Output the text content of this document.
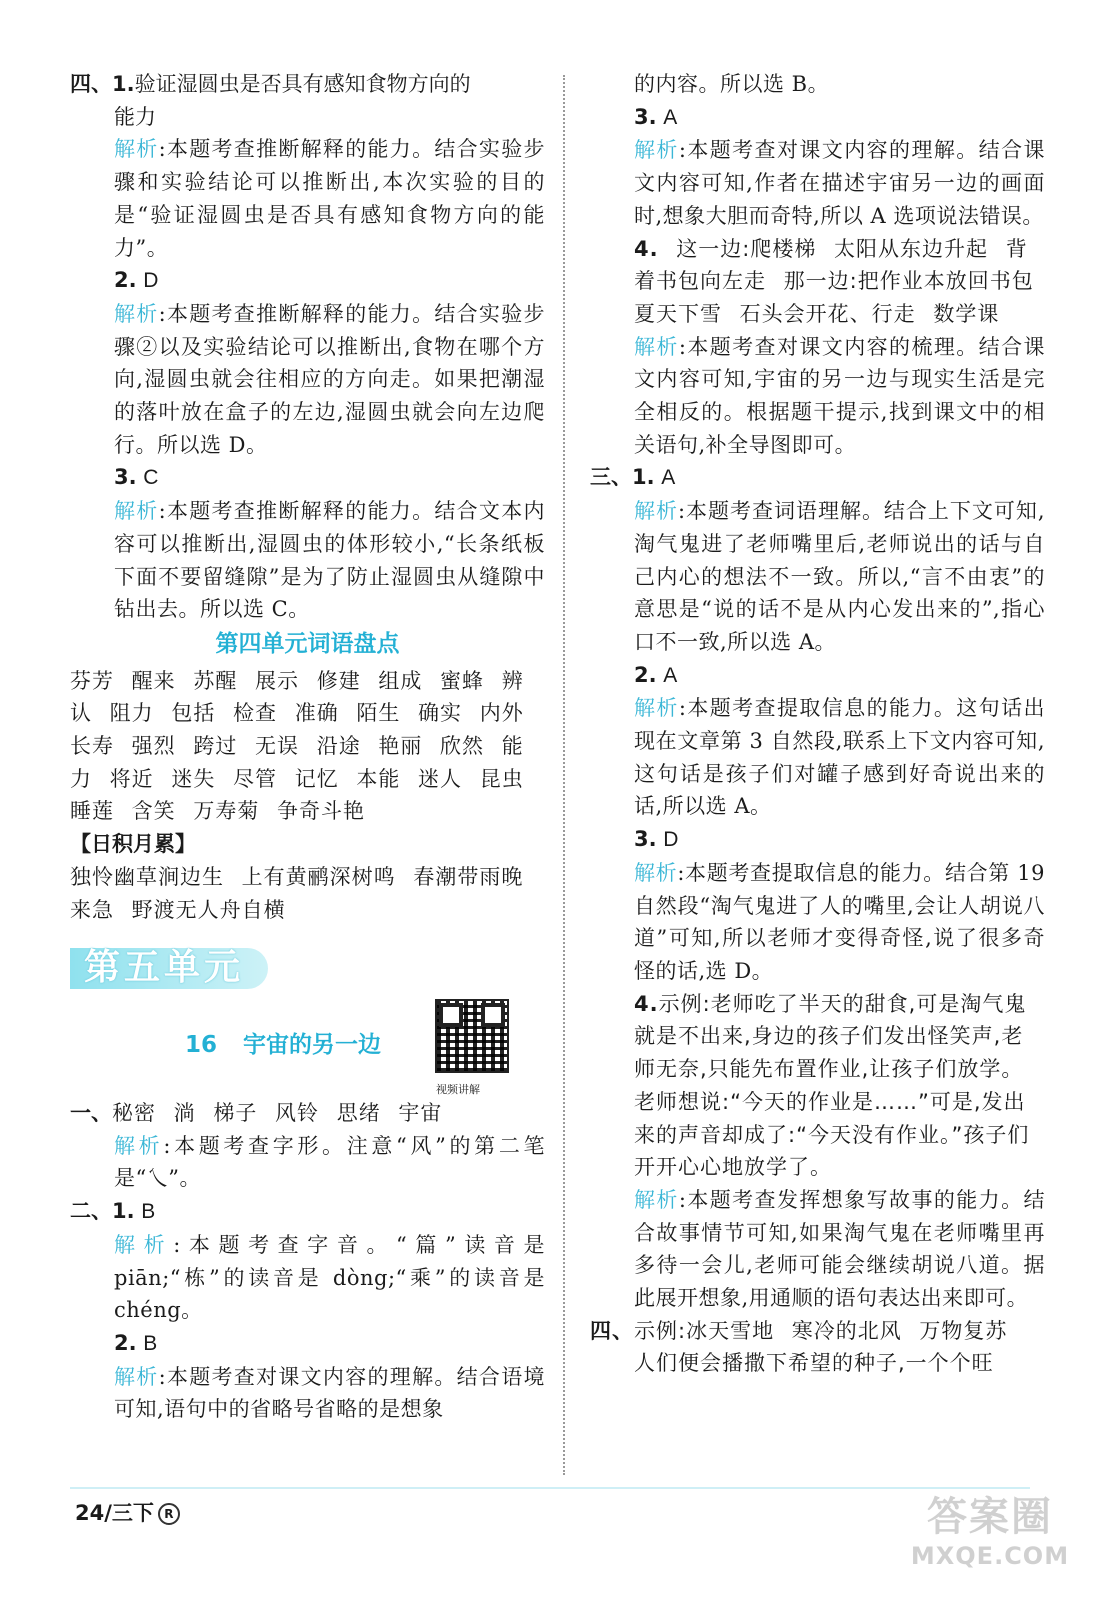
四、1.验证湿圆虫是否具有感知食物方向的
能力

解析:本题考查推断解释的能力。结合实验步骤和实验结论可以推断出,本次实验的目的是“验证湿圆虫是否具有感知食物方向的能力”。

2. D

解析:本题考查推断解释的能力。结合实验步骤②以及实验结论可以推断出,食物在哪个方向,湿圆虫就会往相应的方向走。如果把潮湿的落叶放在盒子的左边,湿圆虫就会向左边爬行。所以选 D。

3. C

解析:本题考查推断解释的能力。结合文本内容可以推断出,湿圆虫的体形较小,“长条纸板下面不要留缝隙”是为了防止湿圆虫从缝隙中钻出去。所以选 C。

第四单元词语盘点
芬芳 醒来 苏醒 展示 修建 组成 蜜蜂 辨认 阻力 包括 检查 准确 陌生 确实 内外 长寿 强烈 跨过 无误 沿途 艳丽 欣然 能力 将近 迷失 尽管 记忆 本能 迷人 昆虫 睡莲 含笑 万寿菊 争奇斗艳
【日积月累】
独怜幽草涧边生 上有黄鹂深树鸣 春潮带雨晚来急 野渡无人舟自横
第五单元
16 宇宙的另一边
视频讲解

一、秘密 淌 梯子 风铃 思绪 宇宙

解析:本题考查字形。注意“风”的第二笔是“乀”。

二、1. B

解析:本题考查字音。“篇”读音是 piān;“栋”的读音是 dòng;“乘”的读音是 chéng。

2. B

解析:本题考查对课文内容的理解。结合语境可知,语句中的省略号省略的是想象

的内容。所以选 B。

3. A

解析:本题考查对课文内容的理解。结合课文内容可知,作者在描述宇宙另一边的画面时,想象大胆而奇特,所以 A 选项说法错误。

4. 这一边:爬楼梯 太阳从东边升起 背着书包向左走 那一边:把作业本放回书包 夏天下雪 石头会开花、行走 数学课

解析:本题考查对课文内容的梳理。结合课文内容可知,宇宙的另一边与现实生活是完全相反的。根据题干提示,找到课文中的相关语句,补全导图即可。

三、1. A

解析:本题考查词语理解。结合上下文可知,淘气鬼进了老师嘴里后,老师说出的话与自己内心的想法不一致。所以,“言不由衷”的意思是“说的话不是从内心发出来的”,指心口不一致,所以选 A。

2. A

解析:本题考查提取信息的能力。这句话出现在文章第 3 自然段,联系上下文内容可知,这句话是孩子们对罐子感到好奇说出来的话,所以选 A。

3. D

解析:本题考查提取信息的能力。结合第 19 自然段“淘气鬼进了人的嘴里,会让人胡说八道”可知,所以老师才变得奇怪,说了很多奇怪的话,选 D。

4.示例:老师吃了半天的甜食,可是淘气鬼就是不出来,身边的孩子们发出怪笑声,老师无奈,只能先布置作业,让孩子们放学。老师想说:“今天的作业是……”可是,发出来的声音却成了:“今天没有作业。”孩子们开开心心地放学了。

解析:本题考查发挥想象写故事的能力。结合故事情节可知,如果淘气鬼在老师嘴里再多待一会儿,老师可能会继续胡说八道。据此展开想象,用通顺的语句表达出来即可。

四、示例:冰天雪地 寒冷的北风 万物复苏
人们便会播撒下希望的种子,一个个旺

24/三下 R	答案圈
MXQE.COM
